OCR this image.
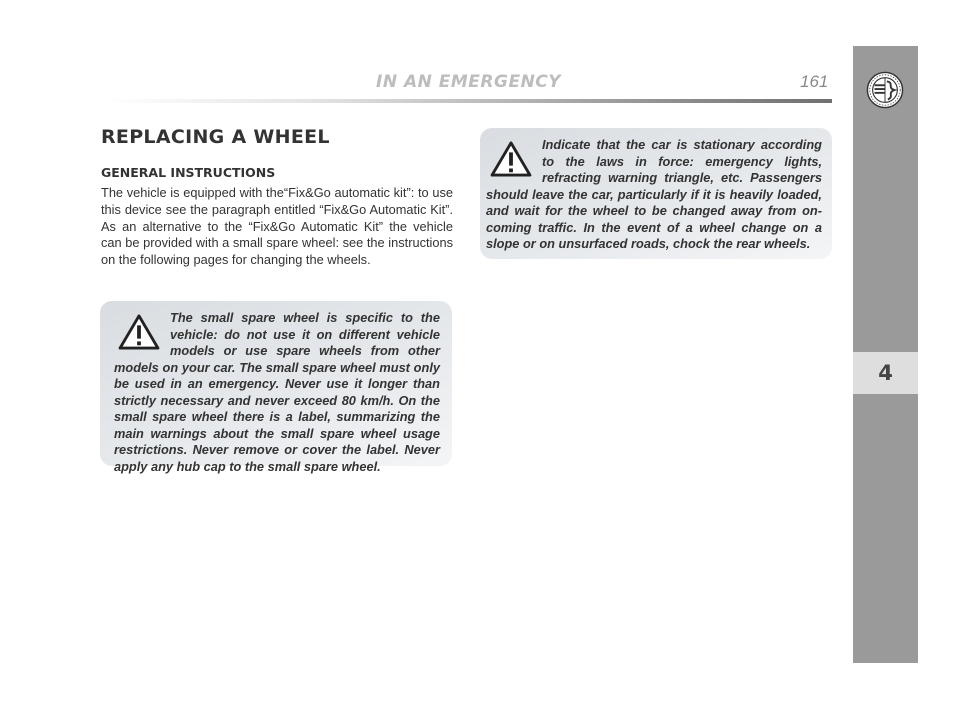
IN AN EMERGENCY	161
4
REPLACING A WHEEL
GENERAL INSTRUCTIONS

The vehicle is equipped with the“Fix&Go automatic kit”: to use this device see the paragraph entitled “Fix&Go Automatic Kit”. As an alternative to the “Fix&Go Automatic Kit” the vehicle can be provided with a small spare wheel: see the instructions on the following pages for changing the wheels.

The small spare wheel is specific to the vehicle: do not use it on different vehicle models or use spare wheels from other models on your car. The small spare wheel must only be used in an emergency. Never use it longer than strictly necessary and never exceed 80 km/h. On the small spare wheel there is a label, summarizing the main warnings about the small spare wheel usage restrictions. Never remove or cover the label. Never apply any hub cap to the small spare wheel.

Indicate that the car is stationary according to the laws in force: emergency lights, refracting warning triangle, etc. Passengers should leave the car, particularly if it is heavily loaded, and wait for the wheel to be changed away from on-coming traffic. In the event of a wheel change on a slope or on unsurfaced roads, chock the rear wheels.
